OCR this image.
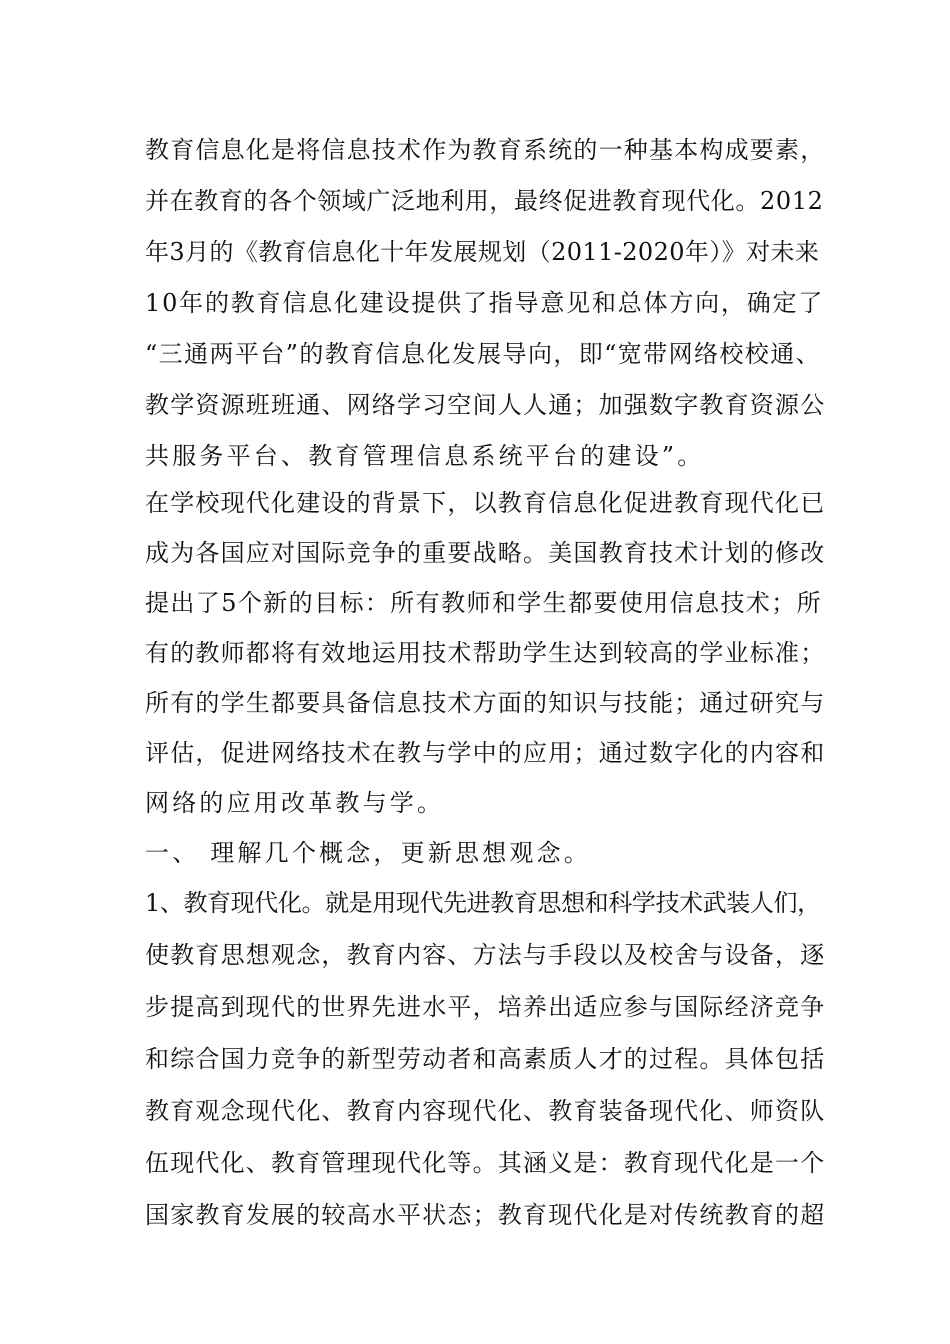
教育信息化是将信息技术作为教育系统的一种基本构成要素，
并在教育的各个领域广泛地利用，最终促进教育现代化。2012
年3月的《教育信息化十年发展规划（2011-2020年）》对未来
10年的教育信息化建设提供了指导意见和总体方向，确定了
“三通两平台”的教育信息化发展导向，即“宽带网络校校通、
教学资源班班通、网络学习空间人人通；加强数字教育资源公
共服务平台、教育管理信息系统平台的建设”。
在学校现代化建设的背景下，以教育信息化促进教育现代化已
成为各国应对国际竞争的重要战略。美国教育技术计划的修改
提出了5个新的目标：所有教师和学生都要使用信息技术；所
有的教师都将有效地运用技术帮助学生达到较高的学业标准；
所有的学生都要具备信息技术方面的知识与技能；通过研究与
评估，促进网络技术在教与学中的应用；通过数字化的内容和
网络的应用改革教与学。
一、 理解几个概念，更新思想观念。
1、教育现代化。就是用现代先进教育思想和科学技术武装人们，
使教育思想观念，教育内容、方法与手段以及校舍与设备，逐
步提高到现代的世界先进水平，培养出适应参与国际经济竞争
和综合国力竞争的新型劳动者和高素质人才的过程。具体包括
教育观念现代化、教育内容现代化、教育装备现代化、师资队
伍现代化、教育管理现代化等。其涵义是：教育现代化是一个
国家教育发展的较高水平状态；教育现代化是对传统教育的超
